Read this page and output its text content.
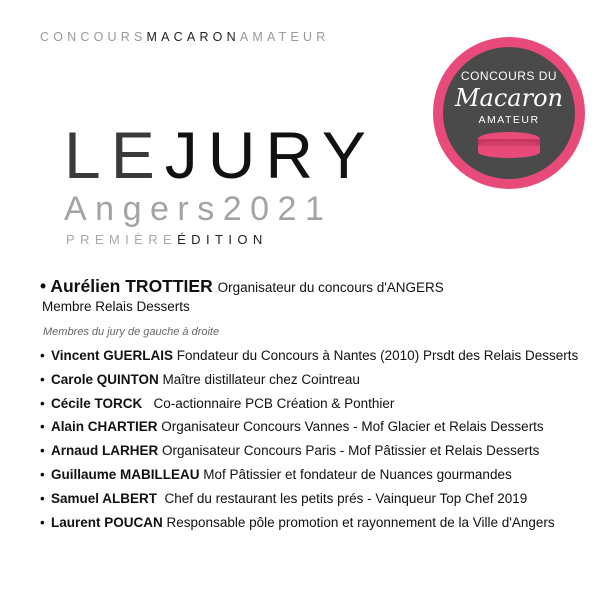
CONCOURSMACARONAMATEUR
LEJURY
Angers2021
PREMIÈREÉDITION
CONCOURS DU
Macaron
AMATEUR
• Aurélien TROTTIER Organisateur du concours d'ANGERS
Membre Relais Desserts
Membres du jury de gauche à droite
• Vincent GUERLAIS Fondateur du Concours à Nantes (2010) Prsdt des Relais Desserts
• Carole QUINTON Maître distillateur chez Cointreau
• Cécile TORCK Co-actionnaire PCB Création & Ponthier
• Alain CHARTIER Organisateur Concours Vannes - Mof Glacier et Relais Desserts
• Arnaud LARHER Organisateur Concours Paris - Mof Pâtissier et Relais Desserts
• Guillaume MABILLEAU Mof Pâtissier et fondateur de Nuances gourmandes
• Samuel ALBERT Chef du restaurant les petits prés - Vainqueur Top Chef 2019
• Laurent POUCAN Responsable pôle promotion et rayonnement de la Ville d'Angers
